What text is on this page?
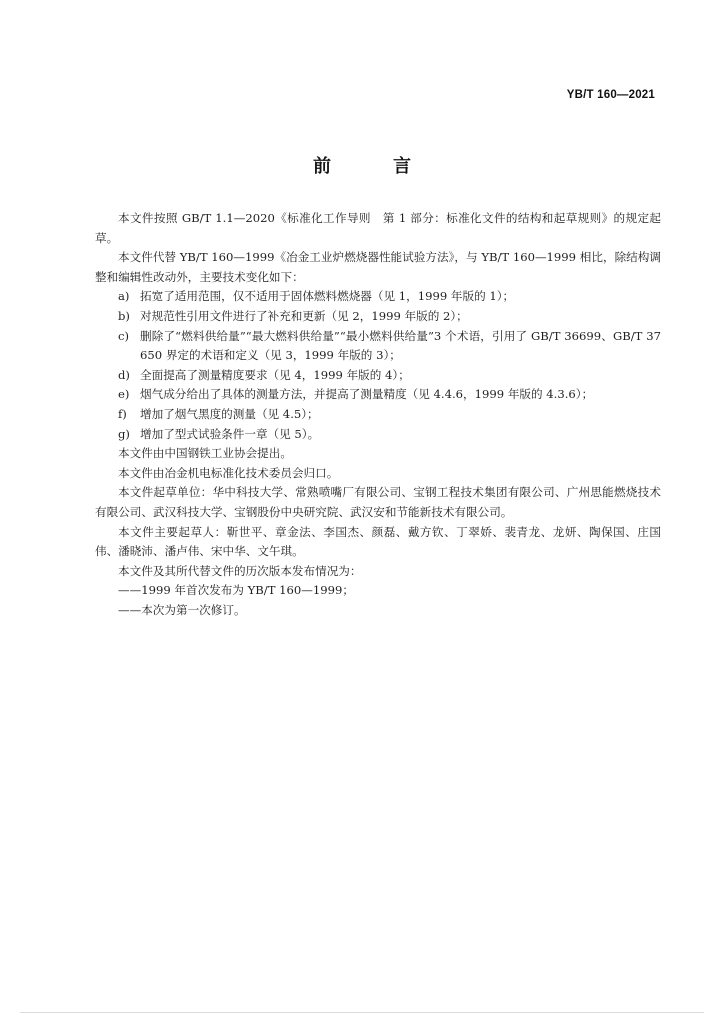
YB/T 160—2021
前　言

本文件按照 GB/T 1.1—2020《标准化工作导则　第 1 部分：标准化文件的结构和起草规则》的规定起草。

本文件代替 YB/T 160—1999《冶金工业炉燃烧器性能试验方法》，与 YB/T 160—1999 相比，除结构调整和编辑性改动外，主要技术变化如下：

a) 拓宽了适用范围，仅不适用于固体燃料燃烧器（见 1，1999 年版的 1）；
b) 对规范性引用文件进行了补充和更新（见 2，1999 年版的 2）；
c) 删除了“燃料供给量”“最大燃料供给量”“最小燃料供给量”3 个术语，引用了 GB/T 36699、GB/T 37650 界定的术语和定义（见 3，1999 年版的 3）；
d) 全面提高了测量精度要求（见 4，1999 年版的 4）；
e) 烟气成分给出了具体的测量方法，并提高了测量精度（见 4.4.6，1999 年版的 4.3.6）；
f) 增加了烟气黑度的测量（见 4.5）；
g) 增加了型式试验条件一章（见 5）。

本文件由中国钢铁工业协会提出。

本文件由冶金机电标准化技术委员会归口。

本文件起草单位：华中科技大学、常熟喷嘴厂有限公司、宝钢工程技术集团有限公司、广州思能燃烧技术有限公司、武汉科技大学、宝钢股份中央研究院、武汉安和节能新技术有限公司。

本文件主要起草人：靳世平、章金法、李国杰、颜磊、戴方钦、丁翠娇、裴青龙、龙妍、陶保国、庄国伟、潘晓沛、潘卢伟、宋中华、文午琪。

本文件及其所代替文件的历次版本发布情况为：

——1999 年首次发布为 YB/T 160—1999；

——本次为第一次修订。
